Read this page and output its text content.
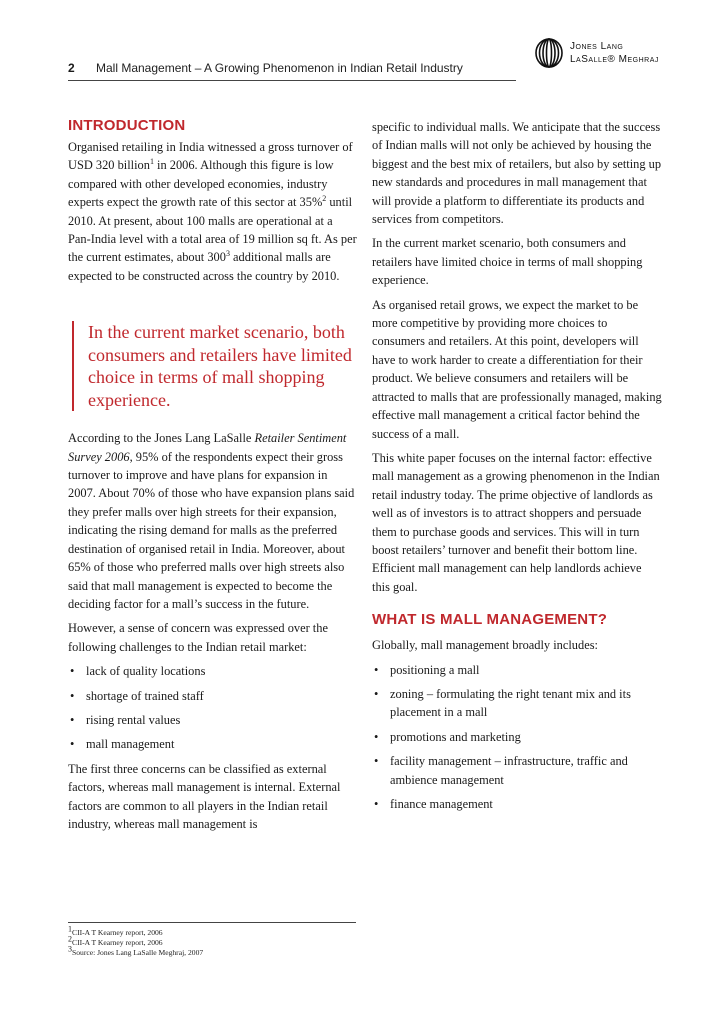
2 Mall Management – A Growing Phenomenon in Indian Retail Industry
Jones Lang
LaSalle® Meghraj
INTRODUCTION

Organised retailing in India witnessed a gross turnover of USD 320 billion$^1$ in 2006. Although this figure is low compared with other developed economies, industry experts expect the growth rate of this sector at 35%$^2$ until 2010. At present, about 100 malls are operational at a Pan-India level with a total area of 19 million sq ft. As per the current estimates, about $300^3$ additional malls are expected to be constructed across the country by 2010.

In the current market scenario, both consumers and retailers have limited choice in terms of mall shopping experience.

According to the Jones Lang LaSalle Retailer Sentiment Survey 2006, 95% of the respondents expect their gross turnover to improve and have plans for expansion in 2007. About 70% of those who have expansion plans said they prefer malls over high streets for their expansion, indicating the rising demand for malls as the preferred destination of organised retail in India. Moreover, about 65% of those who preferred malls over high streets also said that mall management is expected to become the deciding factor for a mall’s success in the future.

However, a sense of concern was expressed over the following challenges to the Indian retail market:

• lack of quality locations
• shortage of trained staff
• rising rental values
• mall management

The first three concerns can be classified as external factors, whereas mall management is internal. External factors are common to all players in the Indian retail industry, whereas mall management is

specific to individual malls. We anticipate that the success of Indian malls will not only be achieved by housing the biggest and the best mix of retailers, but also by setting up new standards and procedures in mall management that will provide a platform to differentiate its products and services from competitors.

In the current market scenario, both consumers and retailers have limited choice in terms of mall shopping experience.

As organised retail grows, we expect the market to be more competitive by providing more choices to consumers and retailers. At this point, developers will have to work harder to create a differentiation for their product. We believe consumers and retailers will be attracted to malls that are professionally managed, making effective mall management a critical factor behind the success of a mall.

This white paper focuses on the internal factor: effective mall management as a growing phenomenon in the Indian retail industry today. The prime objective of landlords as well as of investors is to attract shoppers and persuade them to purchase goods and services. This will in turn boost retailers’ turnover and benefit their bottom line. Efficient mall management can help landlords achieve this goal.

WHAT IS MALL MANAGEMENT?

Globally, mall management broadly includes:

• positioning a mall
• zoning – formulating the right tenant mix and its placement in a mall
• promotions and marketing
• facility management – infrastructure, traffic and ambience management
• finance management
$^1$CII-A T Kearney report, 2006
$^2$CII-A T Kearney report, 2006
$^3$Source: Jones Lang LaSalle Meghraj, 2007
